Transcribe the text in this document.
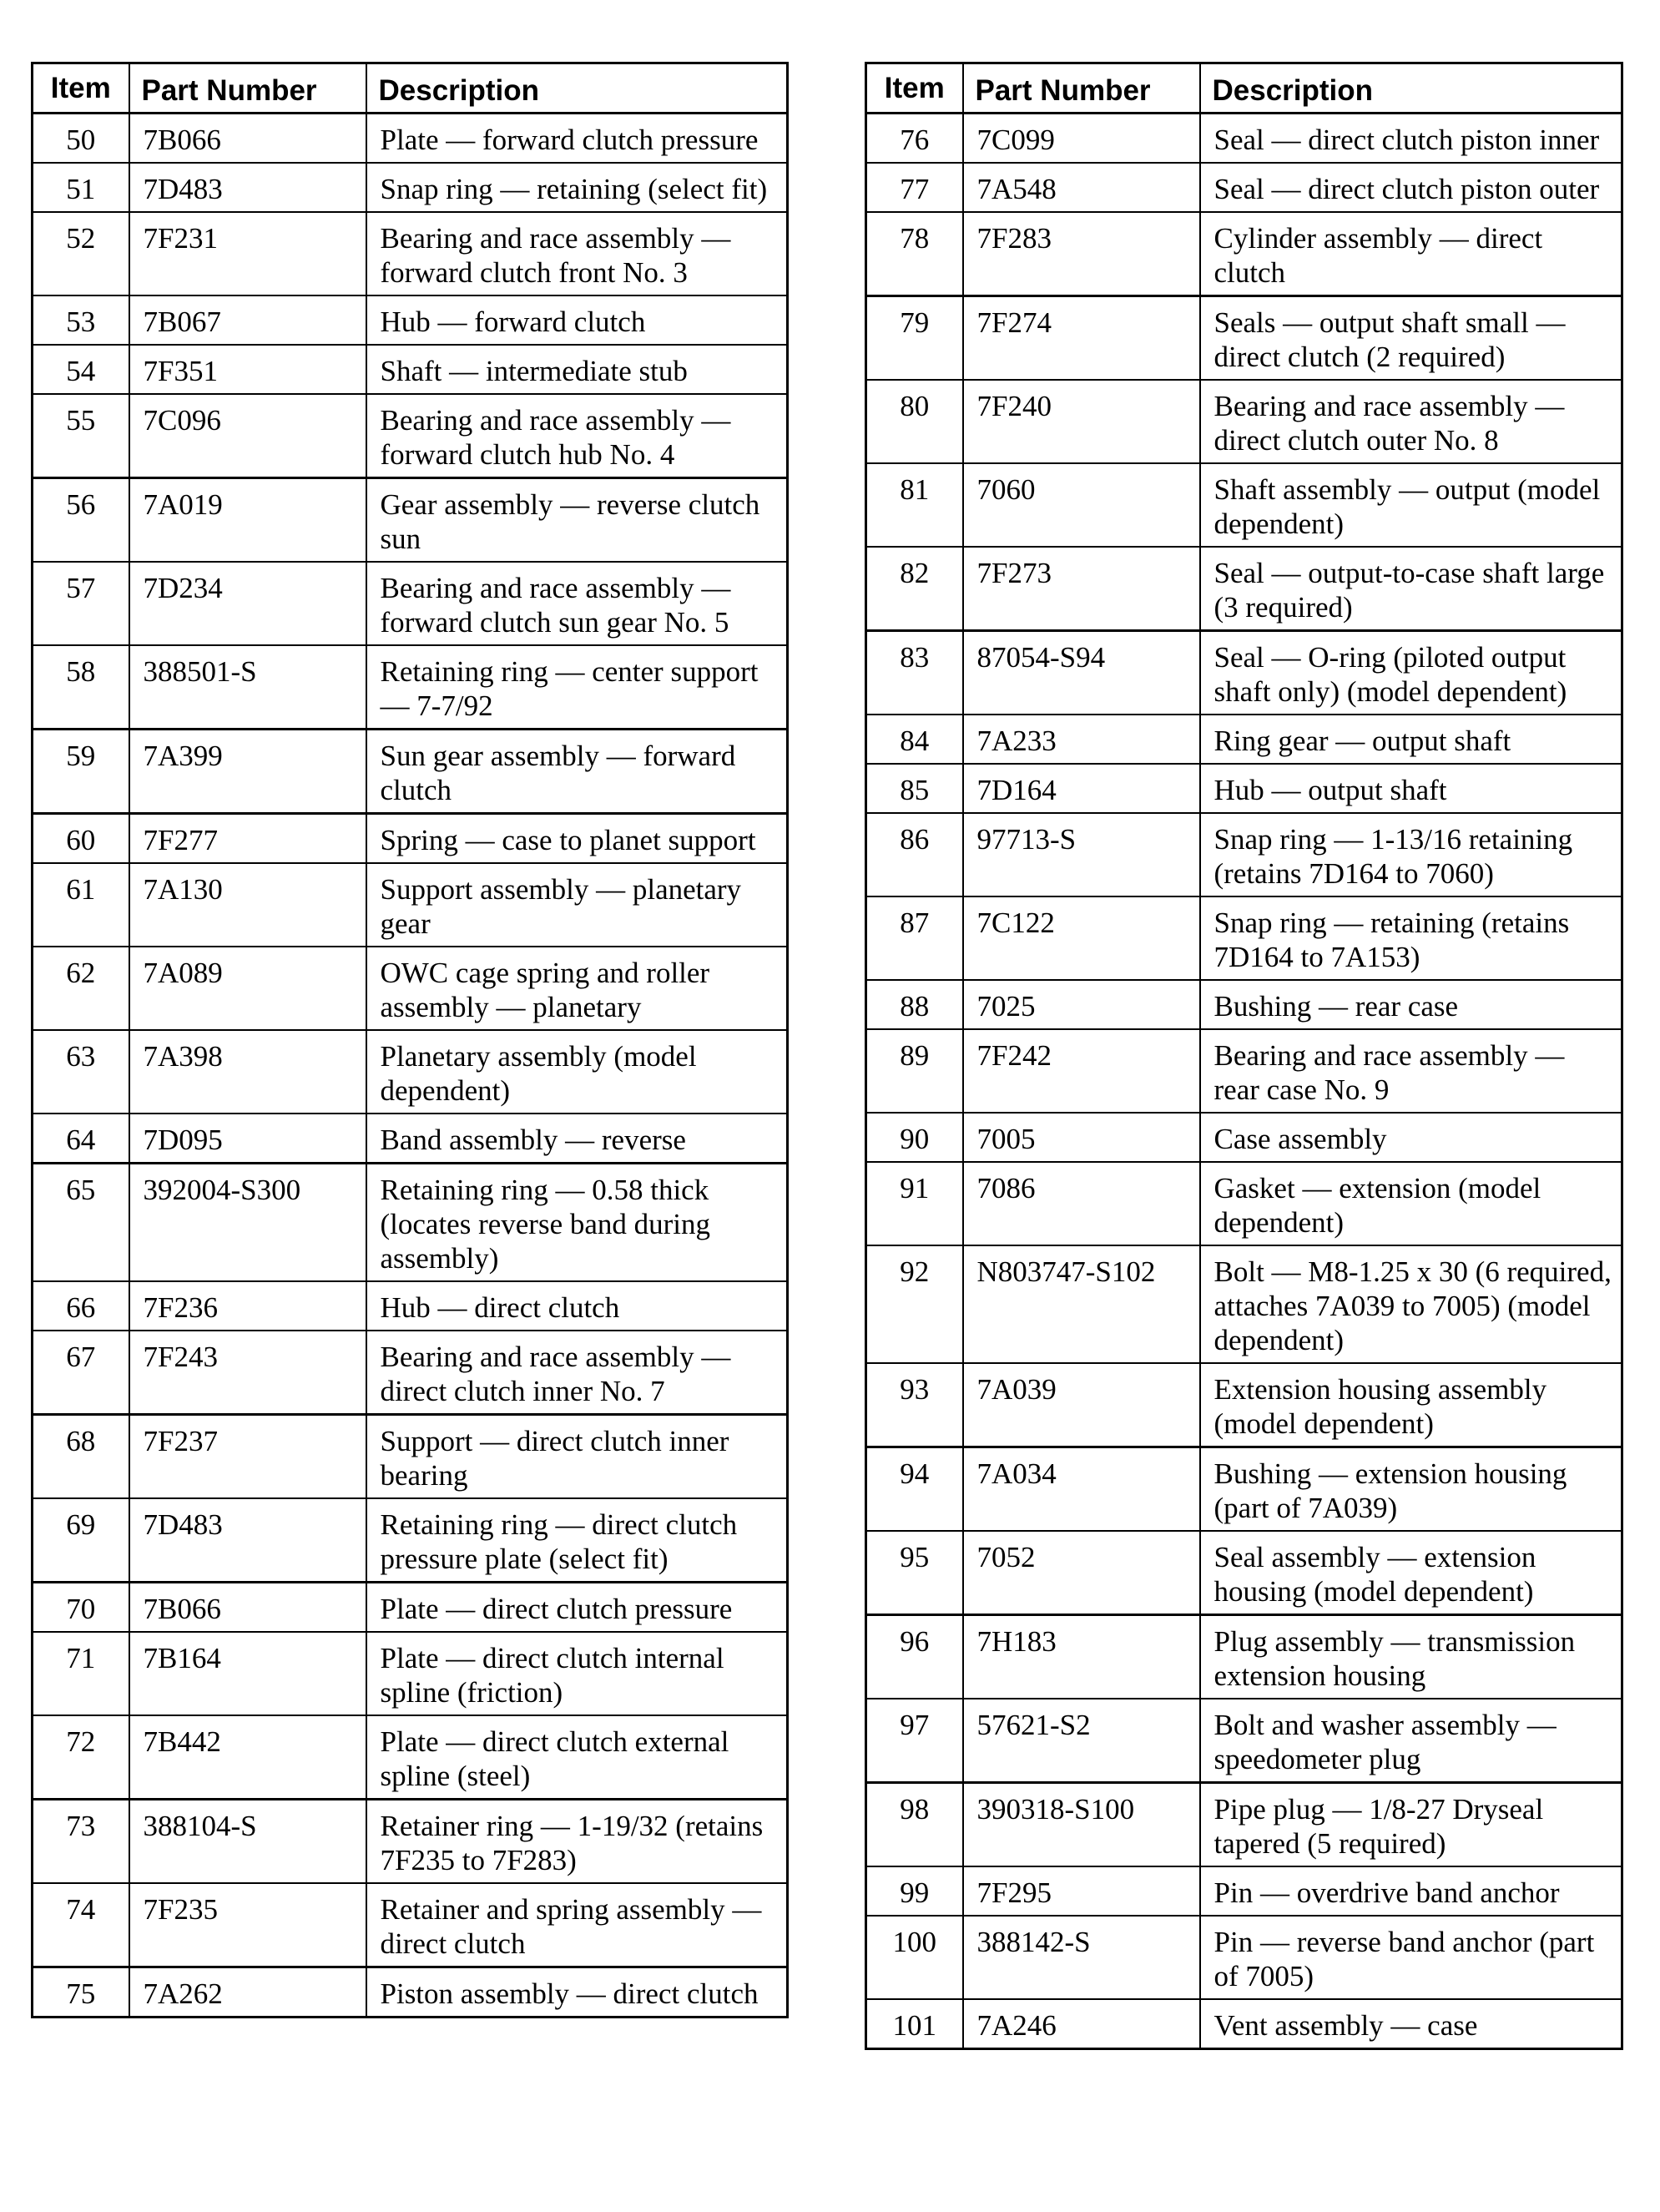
Item	Part Number	Description
50	7B066	Plate — forward clutch pressure
51	7D483	Snap ring — retaining (select fit)
52	7F231	Bearing and race assembly — forward clutch front No. 3
53	7B067	Hub — forward clutch
54	7F351	Shaft — intermediate stub
55	7C096	Bearing and race assembly — forward clutch hub No. 4
56	7A019	Gear assembly — reverse clutch sun
57	7D234	Bearing and race assembly — forward clutch sun gear No. 5
58	388501-S	Retaining ring — center support — 7-7/92
59	7A399	Sun gear assembly — forward clutch
60	7F277	Spring — case to planet support
61	7A130	Support assembly — planetary gear
62	7A089	OWC cage spring and roller assembly — planetary
63	7A398	Planetary assembly (model dependent)
64	7D095	Band assembly — reverse
65	392004-S300	Retaining ring — 0.58 thick (locates reverse band during assembly)
66	7F236	Hub — direct clutch
67	7F243	Bearing and race assembly — direct clutch inner No. 7
68	7F237	Support — direct clutch inner bearing
69	7D483	Retaining ring — direct clutch pressure plate (select fit)
70	7B066	Plate — direct clutch pressure
71	7B164	Plate — direct clutch internal spline (friction)
72	7B442	Plate — direct clutch external spline (steel)
73	388104-S	Retainer ring — 1-19/32 (retains 7F235 to 7F283)
74	7F235	Retainer and spring assembly — direct clutch
75	7A262	Piston assembly — direct clutch
Item	Part Number	Description
76	7C099	Seal — direct clutch piston inner
77	7A548	Seal — direct clutch piston outer
78	7F283	Cylinder assembly — direct clutch
79	7F274	Seals — output shaft small — direct clutch (2 required)
80	7F240	Bearing and race assembly — direct clutch outer No. 8
81	7060	Shaft assembly — output (model dependent)
82	7F273	Seal — output-to-case shaft large (3 required)
83	87054-S94	Seal — O-ring (piloted output shaft only) (model dependent)
84	7A233	Ring gear — output shaft
85	7D164	Hub — output shaft
86	97713-S	Snap ring — 1-13/16 retaining (retains 7D164 to 7060)
87	7C122	Snap ring — retaining (retains 7D164 to 7A153)
88	7025	Bushing — rear case
89	7F242	Bearing and race assembly — rear case No. 9
90	7005	Case assembly
91	7086	Gasket — extension (model dependent)
92	N803747-S102	Bolt — M8-1.25 x 30 (6 required, attaches 7A039 to 7005) (model dependent)
93	7A039	Extension housing assembly (model dependent)
94	7A034	Bushing — extension housing (part of 7A039)
95	7052	Seal assembly — extension housing (model dependent)
96	7H183	Plug assembly — transmission extension housing
97	57621-S2	Bolt and washer assembly — speedometer plug
98	390318-S100	Pipe plug — 1/8-27 Dryseal tapered (5 required)
99	7F295	Pin — overdrive band anchor
100	388142-S	Pin — reverse band anchor (part of 7005)
101	7A246	Vent assembly — case
